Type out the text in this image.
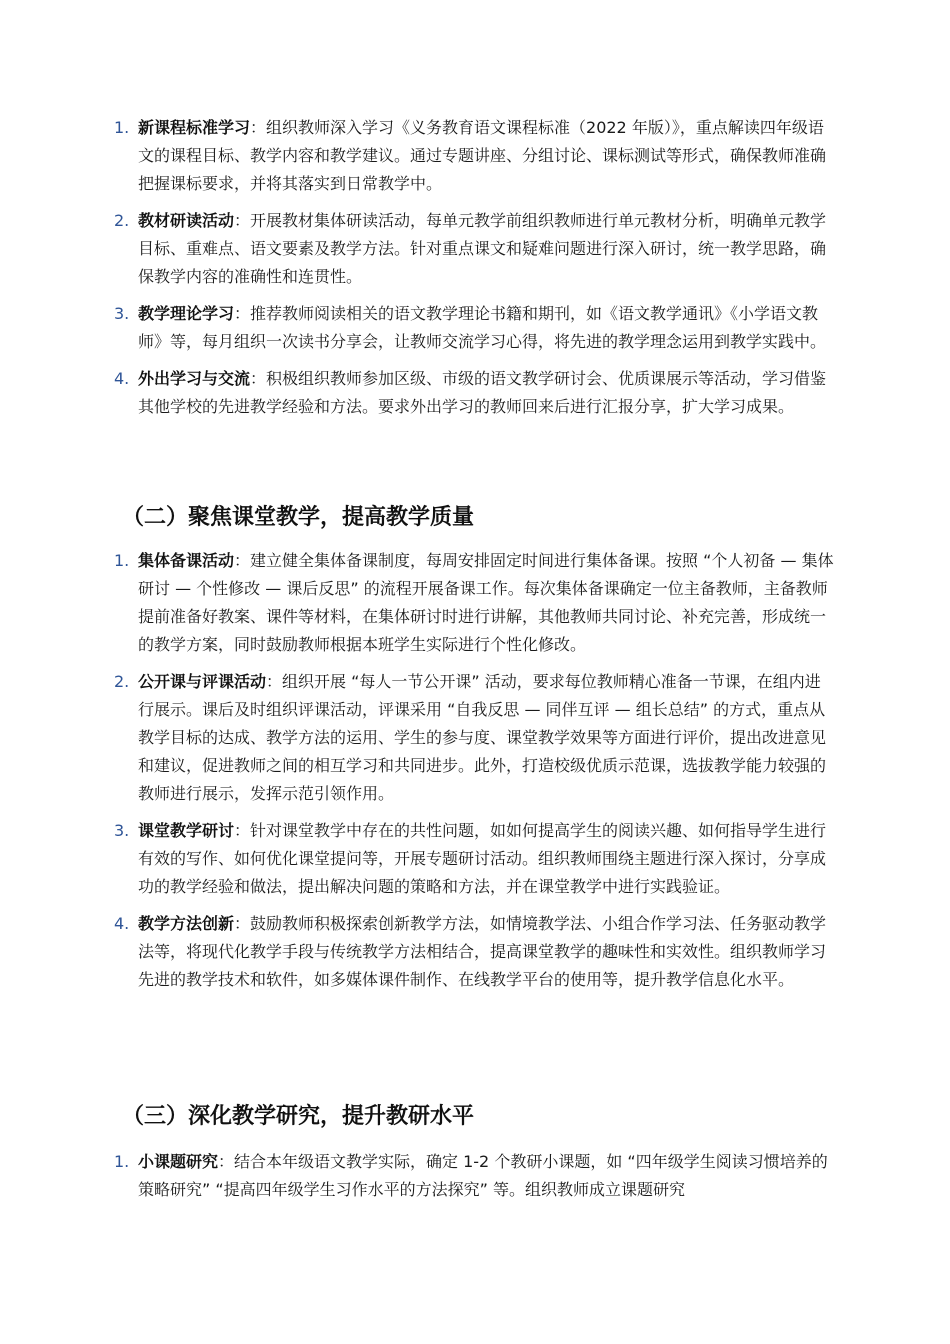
1. 新课程标准学习：组织教师深入学习《义务教育语文课程标准（2022 年版）》，重点解读四年级语文的课程目标、教学内容和教学建议。通过专题讲座、分组讨论、课标测试等形式，确保教师准确把握课标要求，并将其落实到日常教学中。
2. 教材研读活动：开展教材集体研读活动，每单元教学前组织教师进行单元教材分析，明确单元教学目标、重难点、语文要素及教学方法。针对重点课文和疑难问题进行深入研讨，统一教学思路，确保教学内容的准确性和连贯性。
3. 教学理论学习：推荐教师阅读相关的语文教学理论书籍和期刊，如《语文教学通讯》《小学语文教师》等，每月组织一次读书分享会，让教师交流学习心得，将先进的教学理念运用到教学实践中。
4. 外出学习与交流：积极组织教师参加区级、市级的语文教学研讨会、优质课展示等活动，学习借鉴其他学校的先进教学经验和方法。要求外出学习的教师回来后进行汇报分享，扩大学习成果。
（二）聚焦课堂教学，提高教学质量
1. 集体备课活动：建立健全集体备课制度，每周安排固定时间进行集体备课。按照 “个人初备 — 集体研讨 — 个性修改 — 课后反思” 的流程开展备课工作。每次集体备课确定一位主备教师，主备教师提前准备好教案、课件等材料，在集体研讨时进行讲解，其他教师共同讨论、补充完善，形成统一的教学方案，同时鼓励教师根据本班学生实际进行个性化修改。
2. 公开课与评课活动：组织开展 “每人一节公开课” 活动，要求每位教师精心准备一节课，在组内进行展示。课后及时组织评课活动，评课采用 “自我反思 — 同伴互评 — 组长总结” 的方式，重点从教学目标的达成、教学方法的运用、学生的参与度、课堂教学效果等方面进行评价，提出改进意见和建议，促进教师之间的相互学习和共同进步。此外，打造校级优质示范课，选拔教学能力较强的教师进行展示，发挥示范引领作用。
3. 课堂教学研讨：针对课堂教学中存在的共性问题，如如何提高学生的阅读兴趣、如何指导学生进行有效的写作、如何优化课堂提问等，开展专题研讨活动。组织教师围绕主题进行深入探讨，分享成功的教学经验和做法，提出解决问题的策略和方法，并在课堂教学中进行实践验证。
4. 教学方法创新：鼓励教师积极探索创新教学方法，如情境教学法、小组合作学习法、任务驱动教学法等，将现代化教学手段与传统教学方法相结合，提高课堂教学的趣味性和实效性。组织教师学习先进的教学技术和软件，如多媒体课件制作、在线教学平台的使用等，提升教学信息化水平。
（三）深化教学研究，提升教研水平
1. 小课题研究：结合本年级语文教学实际，确定 1-2 个教研小课题，如 “四年级学生阅读习惯培养的策略研究” “提高四年级学生习作水平的方法探究” 等。组织教师成立课题研究
